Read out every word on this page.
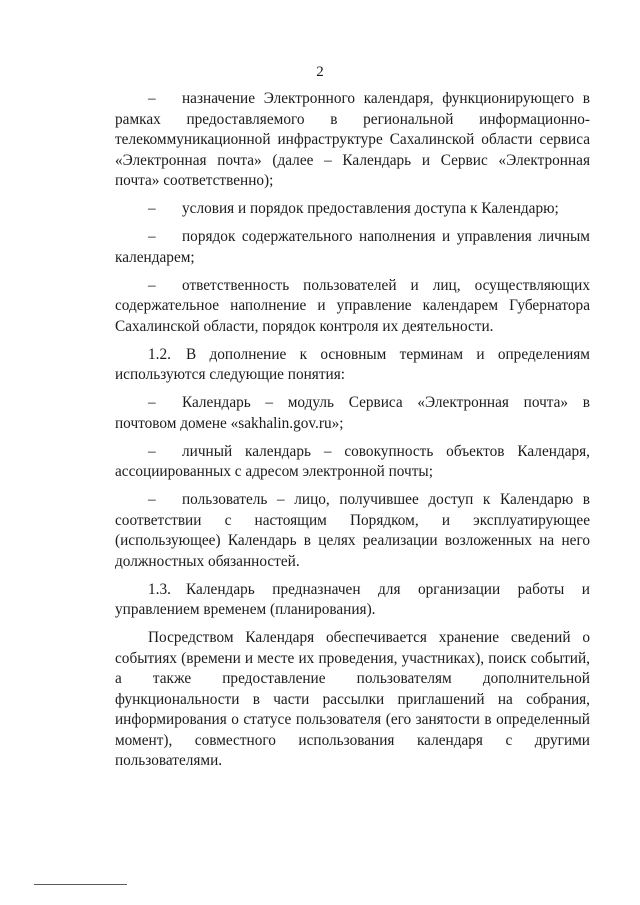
2

– назначение Электронного календаря, функционирующего в рамках предоставляемого в региональной информационно-телекоммуникационной инфраструктуре Сахалинской области сервиса «Электронная почта» (далее – Календарь и Сервис «Электронная почта» соответственно);

– условия и порядок предоставления доступа к Календарю;

– порядок содержательного наполнения и управления личным календарем;

– ответственность пользователей и лиц, осуществляющих содержательное наполнение и управление календарем Губернатора Сахалинской области, порядок контроля их деятельности.

1.2. В дополнение к основным терминам и определениям используются следующие понятия:

– Календарь – модуль Сервиса «Электронная почта» в почтовом домене «sakhalin.gov.ru»;

– личный календарь – совокупность объектов Календаря, ассоциированных с адресом электронной почты;

– пользователь – лицо, получившее доступ к Календарю в соответствии с настоящим Порядком, и эксплуатирующее (использующее) Календарь в целях реализации возложенных на него должностных обязанностей.

1.3. Календарь предназначен для организации работы и управлением временем (планирования).

Посредством Календаря обеспечивается хранение сведений о событиях (времени и месте их проведения, участниках), поиск событий, а также предоставление пользователям дополнительной функциональности в части рассылки приглашений на собрания, информирования о статусе пользователя (его занятости в определенный момент), совместного использования календаря с другими пользователями.
